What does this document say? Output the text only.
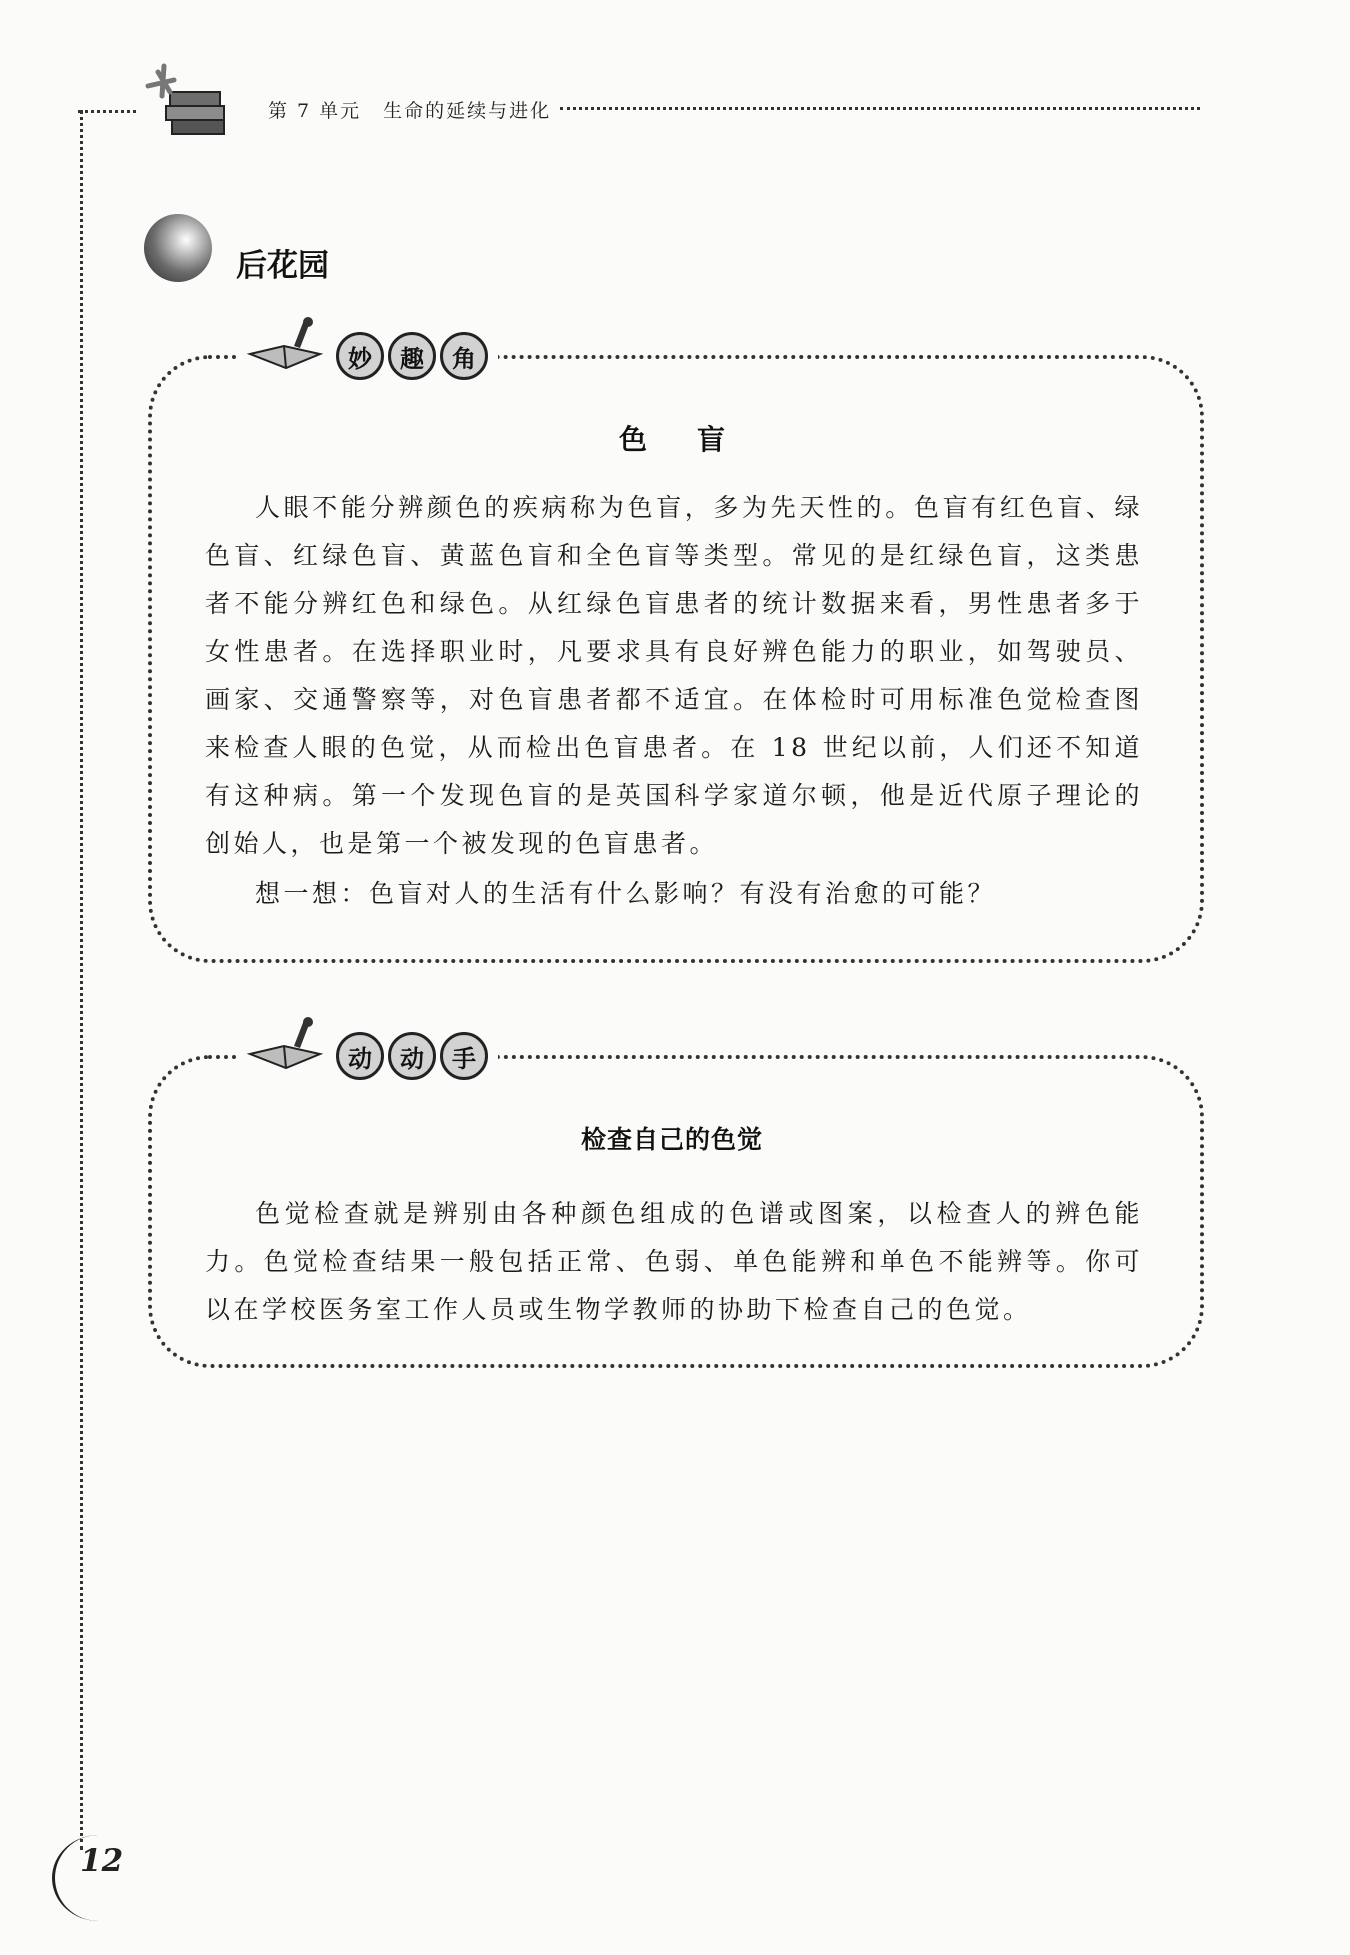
第 7 单元 生命的延续与进化
后花园
妙	趣	角
色盲

人眼不能分辨颜色的疾病称为色盲，多为先天性的。色盲有红色盲、绿色盲、红绿色盲、黄蓝色盲和全色盲等类型。常见的是红绿色盲，这类患者不能分辨红色和绿色。从红绿色盲患者的统计数据来看，男性患者多于女性患者。在选择职业时，凡要求具有良好辨色能力的职业，如驾驶员、画家、交通警察等，对色盲患者都不适宜。在体检时可用标准色觉检查图来检查人眼的色觉，从而检出色盲患者。在 18 世纪以前，人们还不知道有这种病。第一个发现色盲的是英国科学家道尔顿，他是近代原子理论的创始人，也是第一个被发现的色盲患者。

想一想：色盲对人的生活有什么影响？有没有治愈的可能？

动	动	手
检查自己的色觉

色觉检查就是辨别由各种颜色组成的色谱或图案，以检查人的辨色能力。色觉检查结果一般包括正常、色弱、单色能辨和单色不能辨等。你可以在学校医务室工作人员或生物学教师的协助下检查自己的色觉。

12
